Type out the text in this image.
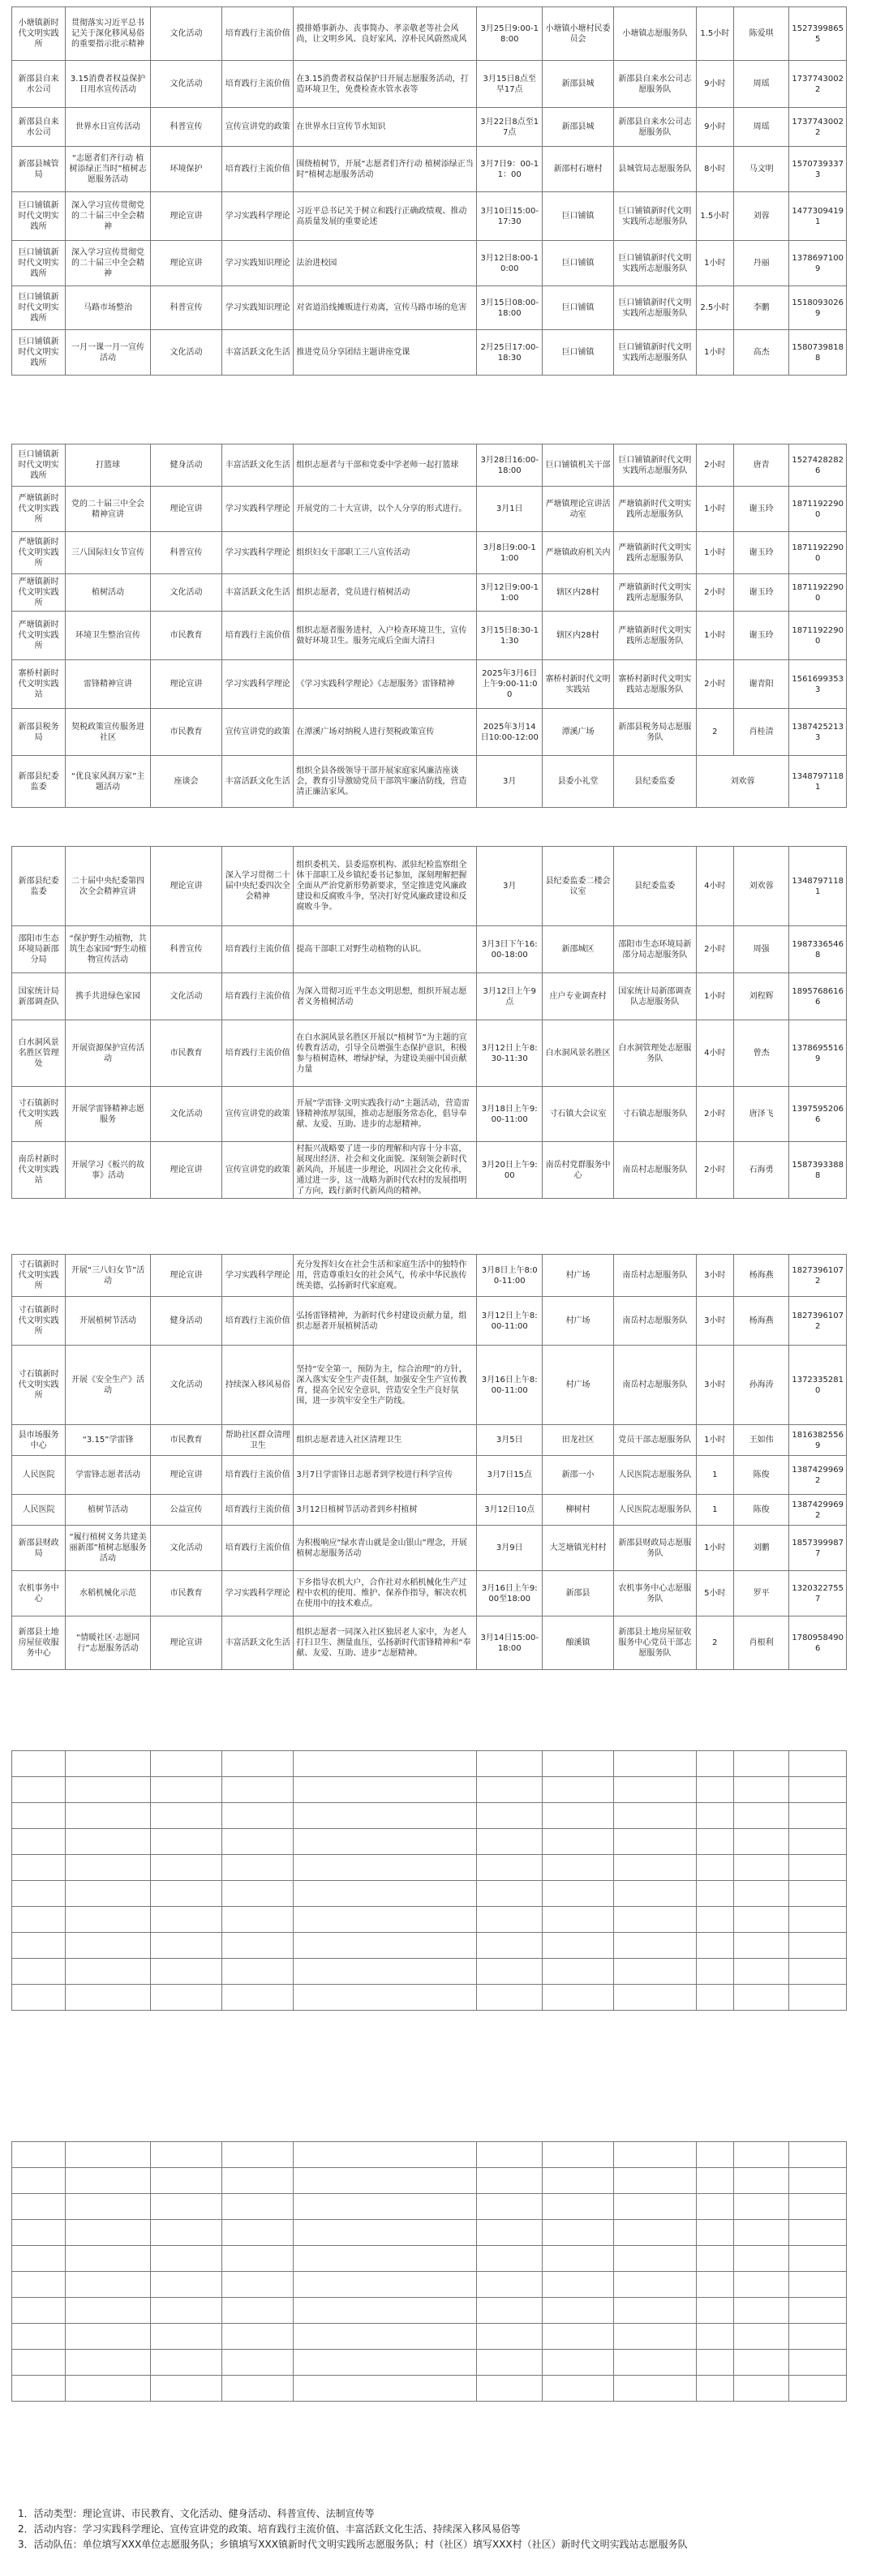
小塘镇新时代文明实践所	贯彻落实习近平总书记关于深化移风易俗的重要指示批示精神	文化活动	培育践行主流价值	摸排婚事新办、丧事简办、孝亲敬老等社会风尚，让文明乡风、良好家风、淳朴民风蔚然成风	3月25日9:00-18:00	小塘镇小塘村民委员会	小塘镇志愿服务队	1.5小时	陈爱琪	15273998655
新邵县自来水公司	3.15消费者权益保护日用水宣传活动	文化活动	培育践行主流价值	在3.15消费者权益保护日开展志愿服务活动，打造环境卫生，免费检查水管水表等	3月15日8点至早17点	新邵县城	新邵县自来水公司志愿服务队	9小时	周瑶	17377430022
新邵县自来水公司	世界水日宣传活动	科普宣传	宣传宣讲党的政策	在世界水日宣传节水知识	3月22日8点至17点	新邵县城	新邵县自来水公司志愿服务队	9小时	周瑶	17377430022
新邵县城管局	“志愿者们齐行动 植树添绿正当时”植树志愿服务活动	环境保护	培育践行主流价值	围绕植树节，开展“志愿者们齐行动 植树添绿正当时”植树志愿服务活动	3月7日9：00-11：00	新邵村石塘村	县城管局志愿服务队	8小时	马文明	15707393373
巨口铺镇新时代文明实践所	深入学习宣传贯彻党的二十届三中全会精神	理论宣讲	学习实践科学理论	习近平总书记关于树立和践行正确政绩观、推动高质量发展的重要论述	3月10日15:00-17:30	巨口铺镇	巨口铺镇新时代文明实践所志愿服务队	1.5小时	刘蓉	14773094191
巨口铺镇新时代文明实践所	深入学习宣传贯彻党的二十届三中全会精神	理论宣讲	学习实践知识理论	法治进校园	3月12日8:00-10:00	巨口铺镇	巨口铺镇新时代文明实践所志愿服务队	1小时	丹丽	13786971009
巨口铺镇新时代文明实践所	马路市场整治	科普宣传	学习实践知识理论	对省道沿线摊贩进行劝离，宣传马路市场的危害	3月15日08:00-18:00	巨口铺镇	巨口铺镇新时代文明实践所志愿服务队	2.5小时	李鹏	15180930269
巨口铺镇新时代文明实践所	一月一课一月一宣传活动	文化活动	丰富活跃文化生活	推进党员分享团结主题讲座党课	2月25日17:00-18:30	巨口铺镇	巨口铺镇新时代文明实践所志愿服务队	1小时	高杰	15807398188
巨口铺镇新时代文明实践所	打篮球	健身活动	丰富活跃文化生活	组织志愿者与干部和党委中学老师一起打篮球	3月28日16:00-18:00	巨口铺镇机关干部	巨口铺镇新时代文明实践所志愿服务队	2小时	唐青	15274282826
严塘镇新时代文明实践所	党的二十届三中全会精神宣讲	理论宣讲	学习实践科学理论	开展党的二十大宣讲，以个人分享的形式进行。	3月1日	严塘镇理论宣讲活动室	严塘镇新时代文明实践所志愿服务队	1小时	谢玉玲	18711922900
严塘镇新时代文明实践所	三八国际妇女节宣传	科普宣传	学习实践科学理论	组织妇女干部职工三八宣传活动	3月8日9:00-11:00	严塘镇政府机关内	严塘镇新时代文明实践所志愿服务队	1小时	谢玉玲	18711922900
严塘镇新时代文明实践所	植树活动	文化活动	丰富活跃文化生活	组织志愿者，党员进行植树活动	3月12日9:00-11:00	辖区内28村	严塘镇新时代文明实践所志愿服务队	2小时	谢玉玲	18711922900
严塘镇新时代文明实践所	环境卫生整治宣传	市民教育	培育践行主流价值	组织志愿者服务进村，入户检查环境卫生，宣传做好环境卫生。服务完成后全面大清扫	3月15日8:30-11:30	辖区内28村	严塘镇新时代文明实践所志愿服务队	1小时	谢玉玲	18711922900
寨桥村新时代文明实践站	雷锋精神宣讲	理论宣讲	学习实践科学理论	《学习实践科学理论》《志愿服务》雷锋精神	2025年3月6日上午9:00-11:00	寨桥村新时代文明实践站	寨桥村新时代文明实践站志愿服务队	2小时	谢青阳	15616993533
新邵县税务局	契税政策宣传服务进社区	市民教育	宣传宣讲党的政策	在潭溪广场对纳税人进行契税政策宣传	2025年3月14日10:00-12:00	潭溪广场	新邵县税务局志愿服务队	2	肖桂清	13874252133
新邵县纪委监委	“优良家风润万家”主题活动	座谈会	丰富活跃文化生活	组织全县各级领导干部开展家庭家风廉洁座谈会，教育引导激励党员干部筑牢廉洁防线，营造清正廉洁家风。	3月	县委小礼堂	县纪委监委	刘欢蓉		13487971181
新邵县纪委监委	二十届中央纪委第四次全会精神宣讲	理论宣讲	深入学习贯彻二十届中央纪委四次全会精神	组织委机关、县委巡察机构、派驻纪检监察组全体干部职工及乡镇纪委书记参加，深刻理解把握全面从严治党新形势新要求，坚定推进党风廉政建设和反腐败斗争，坚决打好党风廉政建设和反腐败斗争。	3月	县纪委监委二楼会议室	县纪委监委	4小时	刘欢蓉	13487971181
邵阳市生态环境局新邵分局	“保护野生动植物，共筑生态家园”野生动植物宣传活动	科普宣传	培育践行主流价值	提高干部职工对野生动植物的认识。	3月3日下午16:00-18:00	新邵城区	邵阳市生态环境局新邵分局志愿服务队	2小时	周强	19873365468
国家统计局新邵调查队	携手共进绿色家园	文化活动	培育践行主流价值	为深入贯彻习近平生态文明思想，组织开展志愿者义务植树活动	3月12日上午9点	庄户专业调查村	国家统计局新邵调查队志愿服务队	1小时	刘程辉	18957686166
白水洞风景名胜区管理处	开展资源保护宣传活动	市民教育	培育践行主流价值	在白水洞风景名胜区开展以“植树节”为主题的宣传教育活动，引导全员增强生态保护意识，积极参与植树造林，增绿护绿，为建设美丽中国贡献力量	3月12日上午8:30-11:30	白水洞风景名胜区	白水洞管理处志愿服务队	4小时	曾杰	13786955169
寸石镇新时代文明实践所	开展学雷锋精神志愿服务	文化活动	宣传宣讲党的政策	开展“学雷锋·文明实践我行动”主题活动，营造雷锋精神浓厚氛围，推动志愿服务常态化，倡导奉献、友爱、互助、进步的志愿精神。	3月18日上午9:00-11:00	寸石镇大会议室	寸石镇志愿服务队	2小时	唐泽飞	13975952066
南岳村新时代文明实践站	开展学习《板兴的故事》活动	理论宣讲	宣传宣讲党的政策	村振兴战略要了进一步的理解和内容十分丰富，展现出经济、社会和文化面貌。深刻领会新时代新风尚，开展进一步理论，巩固社会文化传承，通过进一步，这一战略为新时代农村的发展指明了方向，践行新时代新风尚的精神。	3月20日上午9:00	南岳村党群服务中心	南岳村志愿服务队	2小时	石海勇	15873933888
寸石镇新时代文明实践所	开展“三八妇女节”活动	理论宣讲	学习实践科学理论	充分发挥妇女在社会生活和家庭生活中的独特作用，营造尊重妇女的社会风气，传承中华民族传统美德，弘扬新时代家庭观。	3月8日上午8:00-11:00	村广场	南岳村志愿服务队	3小时	杨海燕	18273961072
寸石镇新时代文明实践所	开展植树节活动	健身活动	培育践行主流价值	弘扬雷锋精神，为新时代乡村建设贡献力量，组织志愿者开展植树活动	3月12日上午8:00-11:00	村广场	南岳村志愿服务队	3小时	杨海燕	18273961072
寸石镇新时代文明实践所	开展《安全生产》活动	文化活动	持续深入移风易俗	坚持“安全第一，预防为主，综合治理”的方针，深入落实安全生产责任制，加强安全生产宣传教育，提高全民安全意识，营造安全生产良好氛围，进一步筑牢安全生产防线。	3月16日上午8:00-11:00	村广场	南岳村志愿服务队	3小时	孙海涛	13723352810
县市场服务中心	“3.15”学雷锋	市民教育	帮助社区群众清理卫生	组织志愿者进入社区清理卫生	3月5日	田龙社区	党员干部志愿服务队	1小时	王如伟	18163825569
人民医院	学雷锋志愿者活动	理论宣讲	培育践行主流价值	3月7日学雷锋日志愿者到学校进行科学宣传	3月7日15点	新邵一小	人民医院志愿服务队	1	陈俊	13874299692
人民医院	植树节活动	公益宣传	培育践行主流价值	3月12日植树节活动者到乡村植树	3月12日10点	柳树村	人民医院志愿服务队	1	陈俊	13874299692
新邵县财政局	“履行植树义务共建美丽新邵”植树志愿服务活动	文化活动	培育践行主流价值	为积极响应“绿水青山就是金山银山”理念，开展植树志愿服务活动	3月9日	大芝塘镇光村村	新邵县财政局志愿服务队	1小时	刘鹏	18573999877
农机事务中心	水稻机械化示范	市民教育	学习实践科学理论	下乡指导农机大户，合作社对水稻机械化生产过程中农机的使用、维护、保养作指导，解决农机在使用中的技术难点。	3月16日上午9:00至18:00	新邵县	农机事务中心志愿服务队	5小时	罗平	13203227557
新邵县土地房屋征收服务中心	“情暖社区·志愿同行”志愿服务活动	理论宣讲	丰富活跃文化生活	组织志愿者一同深入社区独居老人家中，为老人打扫卫生、测量血压，弘扬新时代雷锋精神和“奉献、友爱、互助、进步”志愿精神。	3月14日15:00-18:00	酿溪镇	新邵县土地房屋征收服务中心党员干部志愿服务队	2	肖根利	17809584906

1．活动类型：理论宣讲、市民教育、文化活动、健身活动、科普宣传、法制宣传等
2．活动内容：学习实践科学理论、宣传宣讲党的政策、培育践行主流价值、丰富活跃文化生活、持续深入移风易俗等
3．活动队伍：单位填写XXX单位志愿服务队；乡镇填写XXX镇新时代文明实践所志愿服务队；村（社区）填写XXX村（社区）新时代文明实践站志愿服务队
